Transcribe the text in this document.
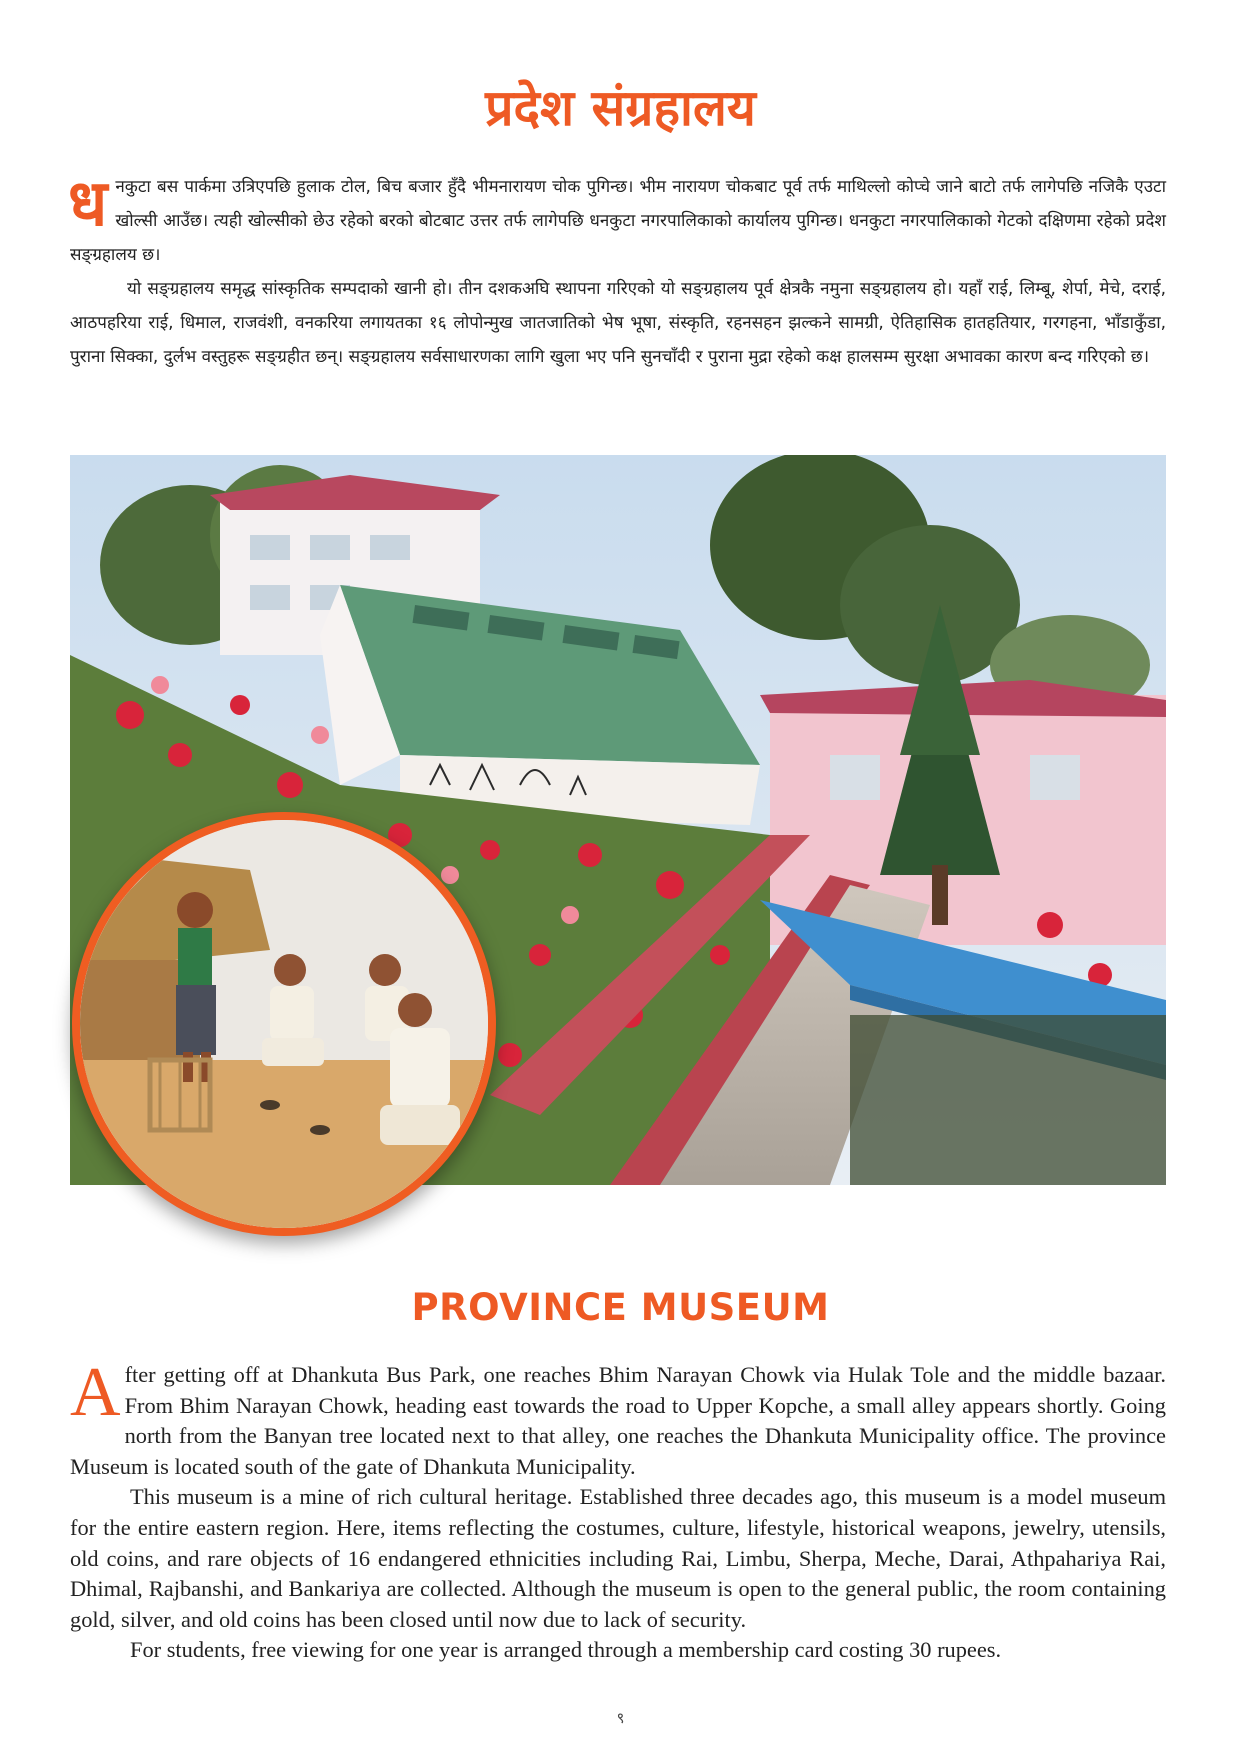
प्रदेश संग्रहालय

धनकुटा बस पार्कमा उत्रिएपछि हुलाक टोल, बिच बजार हुँदै भीमनारायण चोक पुगिन्छ। भीम नारायण चोकबाट पूर्व तर्फ माथिल्लो कोप्चे जाने बाटो तर्फ लागेपछि नजिकै एउटा खोल्सी आउँछ। त्यही खोल्सीको छेउ रहेको बरको बोटबाट उत्तर तर्फ लागेपछि धनकुटा नगरपालिकाको कार्यालय पुगिन्छ। धनकुटा नगरपालिकाको गेटको दक्षिणमा रहेको प्रदेश सङ्ग्रहालय छ।

यो सङ्ग्रहालय समृद्ध सांस्कृतिक सम्पदाको खानी हो। तीन दशकअघि स्थापना गरिएको यो सङ्ग्रहालय पूर्व क्षेत्रकै नमुना सङ्ग्रहालय हो। यहाँ राई, लिम्बू, शेर्पा, मेचे, दराई, आठपहरिया राई, धिमाल, राजवंशी, वनकरिया लगायतका १६ लोपोन्मुख जातजातिको भेष भूषा, संस्कृति, रहनसहन झल्कने सामग्री, ऐतिहासिक हातहतियार, गरगहना, भाँडाकुँडा, पुराना सिक्का, दुर्लभ वस्तुहरू सङ्ग्रहीत छन्। सङ्ग्रहालय सर्वसाधारणका लागि खुला भए पनि सुनचाँदी र पुराना मुद्रा रहेको कक्ष हालसम्म सुरक्षा अभावका कारण बन्द गरिएको छ।

PROVINCE MUSEUM

After getting off at Dhankuta Bus Park, one reaches Bhim Narayan Chowk via Hulak Tole and the middle bazaar. From Bhim Narayan Chowk, heading east towards the road to Upper Kopche, a small alley appears shortly. Going north from the Banyan tree located next to that alley, one reaches the Dhankuta Municipality office. The province Museum is located south of the gate of Dhankuta Municipality.

This museum is a mine of rich cultural heritage. Established three decades ago, this museum is a model museum for the entire eastern region. Here, items reflecting the costumes, culture, lifestyle, historical weapons, jewelry, utensils, old coins, and rare objects of 16 endangered ethnicities including Rai, Limbu, Sherpa, Meche, Darai, Athpahariya Rai, Dhimal, Rajbanshi, and Bankariya are collected. Although the museum is open to the general public, the room containing gold, silver, and old coins has been closed until now due to lack of security.

For students, free viewing for one year is arranged through a membership card costing 30 rupees.

९
